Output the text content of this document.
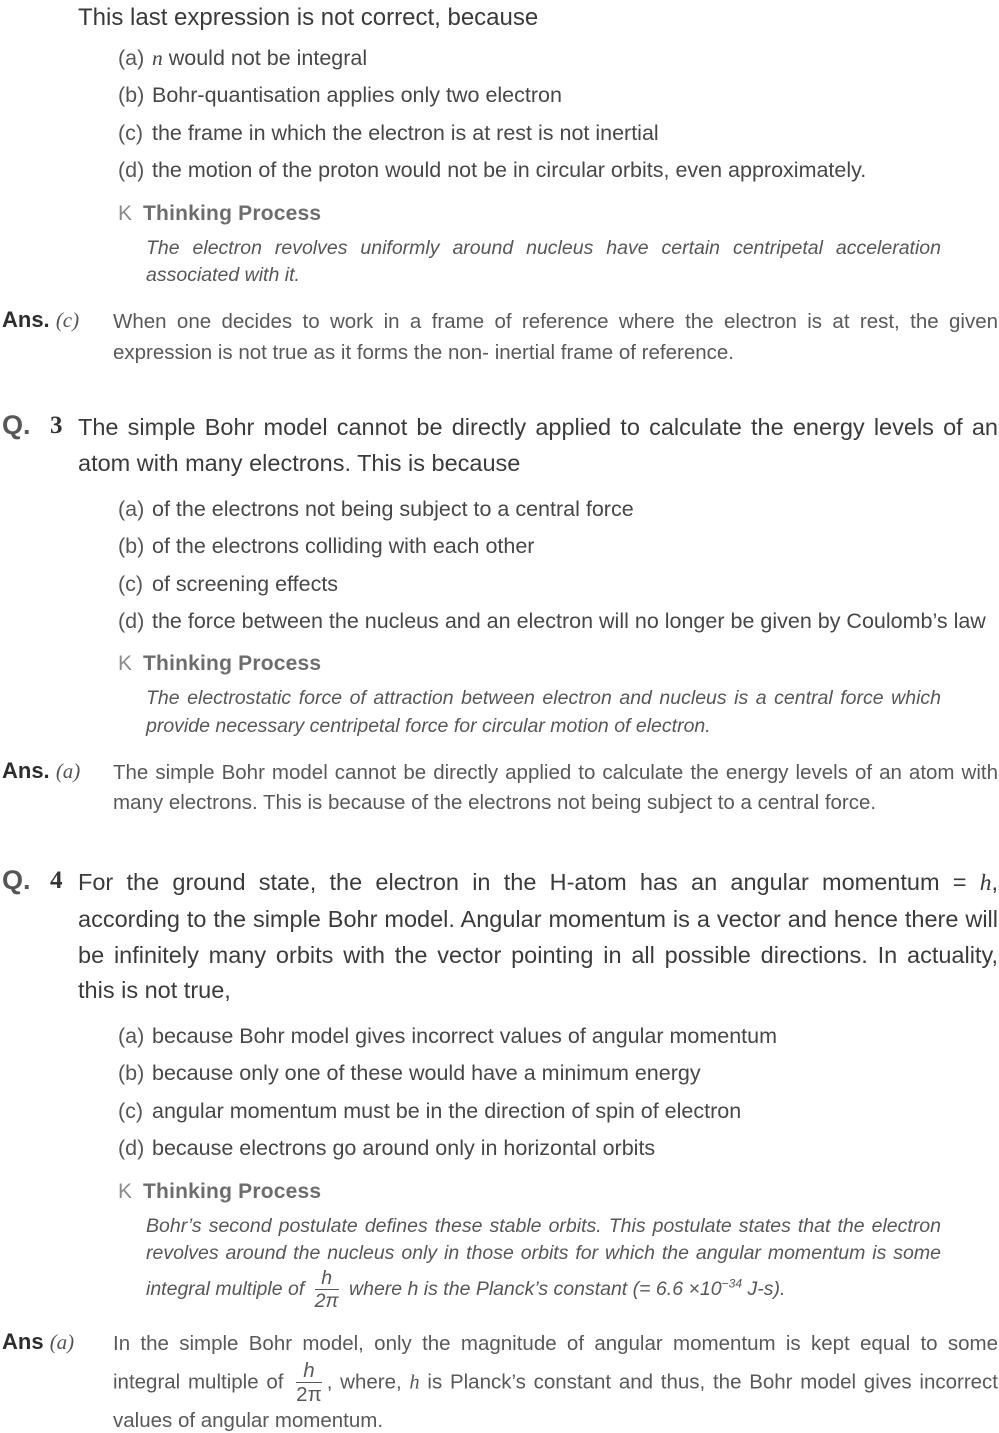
This last expression is not correct, because

(a) n would not be integral
(b) Bohr-quantisation applies only two electron
(c) the frame in which the electron is at rest is not inertial
(d) the motion of the proton would not be in circular orbits, even approximately.
K Thinking Process

The electron revolves uniformly around nucleus have certain centripetal acceleration associated with it.

Ans. (c)	When one decides to work in a frame of reference where the electron is at rest, the given expression is not true as it forms the non- inertial frame of reference.

Q. 3 The simple Bohr model cannot be directly applied to calculate the energy levels of an atom with many electrons. This is because

(a) of the electrons not being subject to a central force
(b) of the electrons colliding with each other
(c) of screening effects
(d) the force between the nucleus and an electron will no longer be given by Coulomb’s law
K Thinking Process

The electrostatic force of attraction between electron and nucleus is a central force which provide necessary centripetal force for circular motion of electron.

Ans. (a)	The simple Bohr model cannot be directly applied to calculate the energy levels of an atom with many electrons. This is because of the electrons not being subject to a central force.

Q. 4 For the ground state, the electron in the H-atom has an angular momentum = h, according to the simple Bohr model. Angular momentum is a vector and hence there will be infinitely many orbits with the vector pointing in all possible directions. In actuality, this is not true,

(a) because Bohr model gives incorrect values of angular momentum
(b) because only one of these would have a minimum energy
(c) angular momentum must be in the direction of spin of electron
(d) because electrons go around only in horizontal orbits
K Thinking Process

Bohr’s second postulate defines these stable orbits. This postulate states that the electron revolves around the nucleus only in those orbits for which the angular momentum is some integral multiple of $\frac{h}{2\pi}$ where h is the Planck’s constant (= $6.6 \times 10^{-34}$ J-s).

Ans (a)	In the simple Bohr model, only the magnitude of angular momentum is kept equal to some integral multiple of $\frac{h}{2\pi}$ , where, h is Planck’s constant and thus, the Bohr model gives incorrect values of angular momentum.
